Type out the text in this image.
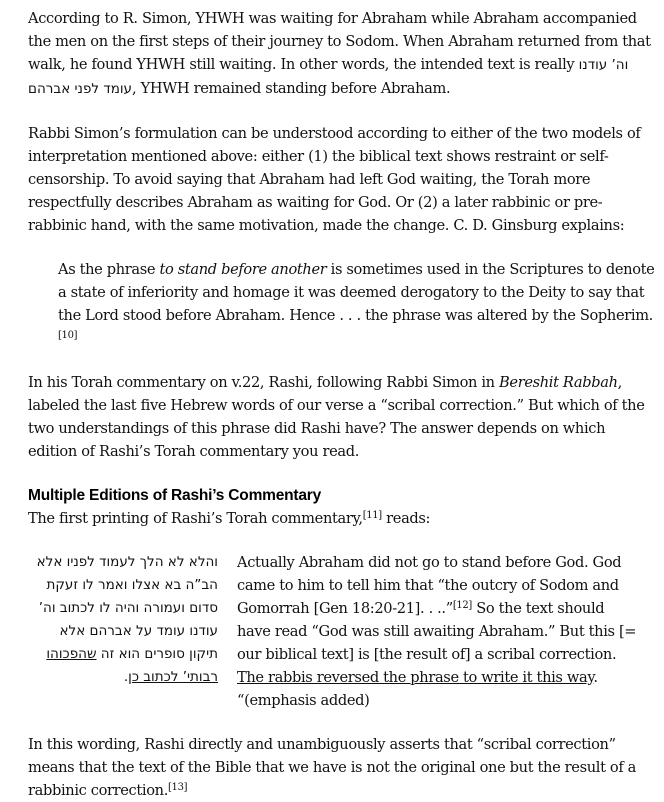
According to R. Simon, YHWH was waiting for Abraham while Abraham accompanied the men on the first steps of their journey to Sodom. When Abraham returned from that walk, he found YHWH still waiting. In other words, the intended text is really וה’ עודנו עומד לפני אברהם, YHWH remained standing before Abraham.

Rabbi Simon’s formulation can be understood according to either of the two models of interpretation mentioned above: either (1) the biblical text shows restraint or self-censorship. To avoid saying that Abraham had left God waiting, the Torah more respectfully describes Abraham as waiting for God. Or (2) a later rabbinic or pre-rabbinic hand, with the same motivation, made the change. C. D. Ginsburg explains:

As the phrase to stand before another is sometimes used in the Scriptures to denote a state of inferiority and homage it was deemed derogatory to the Deity to say that the Lord stood before Abraham. Hence . . . the phrase was altered by the Sopherim.[10]

In his Torah commentary on v.22, Rashi, following Rabbi Simon in Bereshit Rabbah, labeled the last five Hebrew words of our verse a “scribal correction.” But which of the two understandings of this phrase did Rashi have? The answer depends on which edition of Rashi’s Torah commentary you read.

Multiple Editions of Rashi’s Commentary

The first printing of Rashi’s Torah commentary,[11] reads:

והלא לא הלך לעמוד לפניו אלא הב”ה בא אצלו ואמר לו זעקת סדום ועמורה והיה לו לכתוב וה’ עודנו עומד על אברהם אלא תיקון סופרים הוא זה שהפכוהו רבותי’ לכתוב כן.
Actually Abraham did not go to stand before God. God came to him to tell him that “the outcry of Sodom and Gomorrah [Gen 18:20-21]. . ..”[12] So the text should have read “God was still awaiting Abraham.” But this [= our biblical text] is [the result of] a scribal correction. The rabbis reversed the phrase to write it this way. “(emphasis added)

In this wording, Rashi directly and unambiguously asserts that “scribal correction” means that the text of the Bible that we have is not the original one but the result of a rabbinic correction.[13]
